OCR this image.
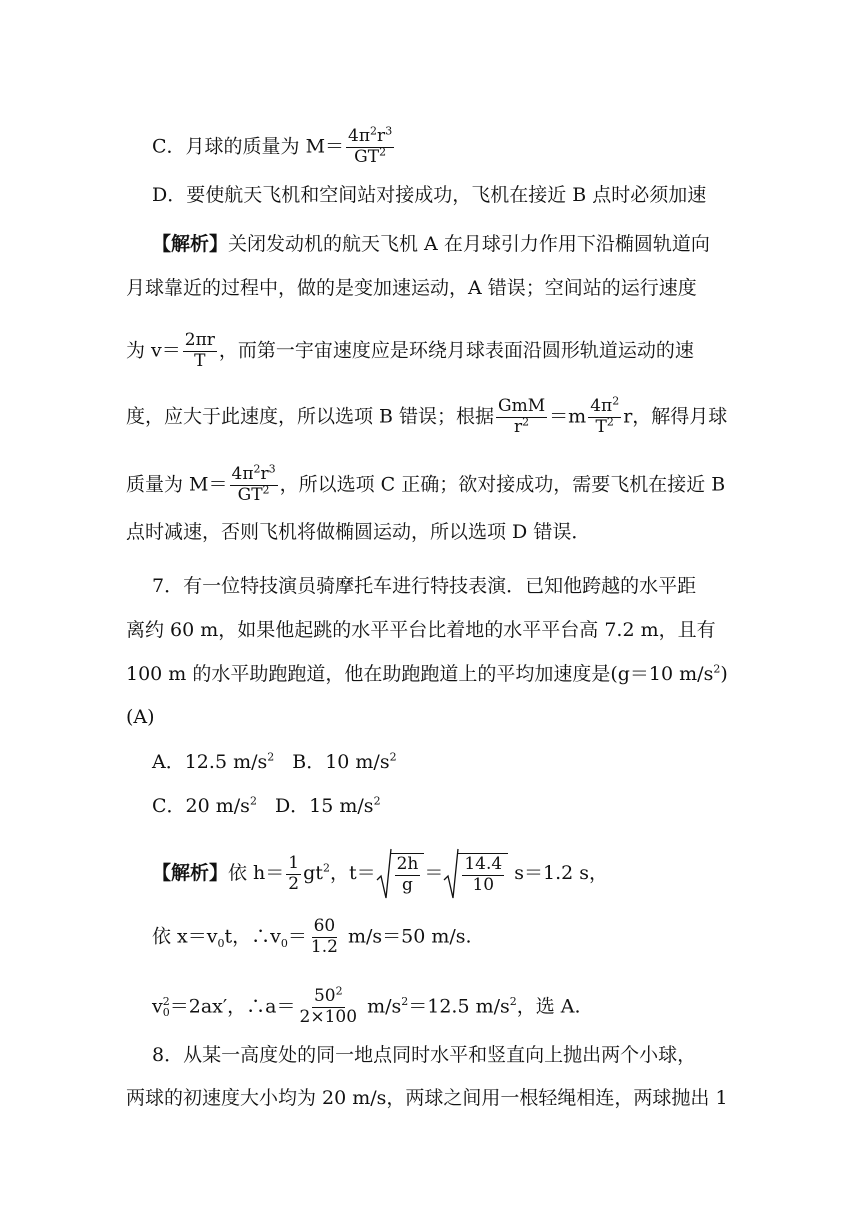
C．月球的质量为 $M= \frac{4\pi^2r^3}{GT^2}$
D．要使航天飞机和空间站对接成功，飞机在接近 B 点时必须加速
【解析】关闭发动机的航天飞机 A 在月球引力作用下沿椭圆轨道向
月球靠近的过程中，做的是变加速运动，A 错误；空间站的运行速度
为 $v= \frac{2\pi r}{T}$ ，而第一宇宙速度应是环绕月球表面沿圆形轨道运动的速
度，应大于此速度，所以选项 B 错误；根据 $\frac{\text{GmM}}{r^2} =m \frac{4\pi^2}{T^2}$ r，解得月球
质量为 $M= \frac{4\pi^2r^3}{GT^2}$ ，所以选项 C 正确；欲对接成功，需要飞机在接近 B
点时减速，否则飞机将做椭圆运动，所以选项 D 错误．
7．有一位特技演员骑摩托车进行特技表演．已知他跨越的水平距
离约 60 m，如果他起跳的水平平台比着地的水平平台高 7.2 m，且有
100 m 的水平助跑跑道，他在助跑跑道上的平均加速度是(g＝10 $m/s^2$)
(A)
A．12.5 $m/s^2$ B．10 $m/s^2$
C．20 $m/s^2$ D．15 $m/s^2$
【解析】依 $h= \frac{1}{2} gt^2$，$t= \frac{2h}{g} = \frac{14.4}{10} s=1.2$ s，
依 $x=v_0t$，$\therefore v_0= \frac{60}{1.2} m/s=50$ m/s.
v 2
0 ＝2ax′，∴a＝ $\frac{50^2}{2\times 100} m/s^2=12.5$ $m/s^2$，选 A.
8．从某一高度处的同一地点同时水平和竖直向上抛出两个小球，
两球的初速度大小均为 20 m/s，两球之间用一根轻绳相连，两球抛出 1
